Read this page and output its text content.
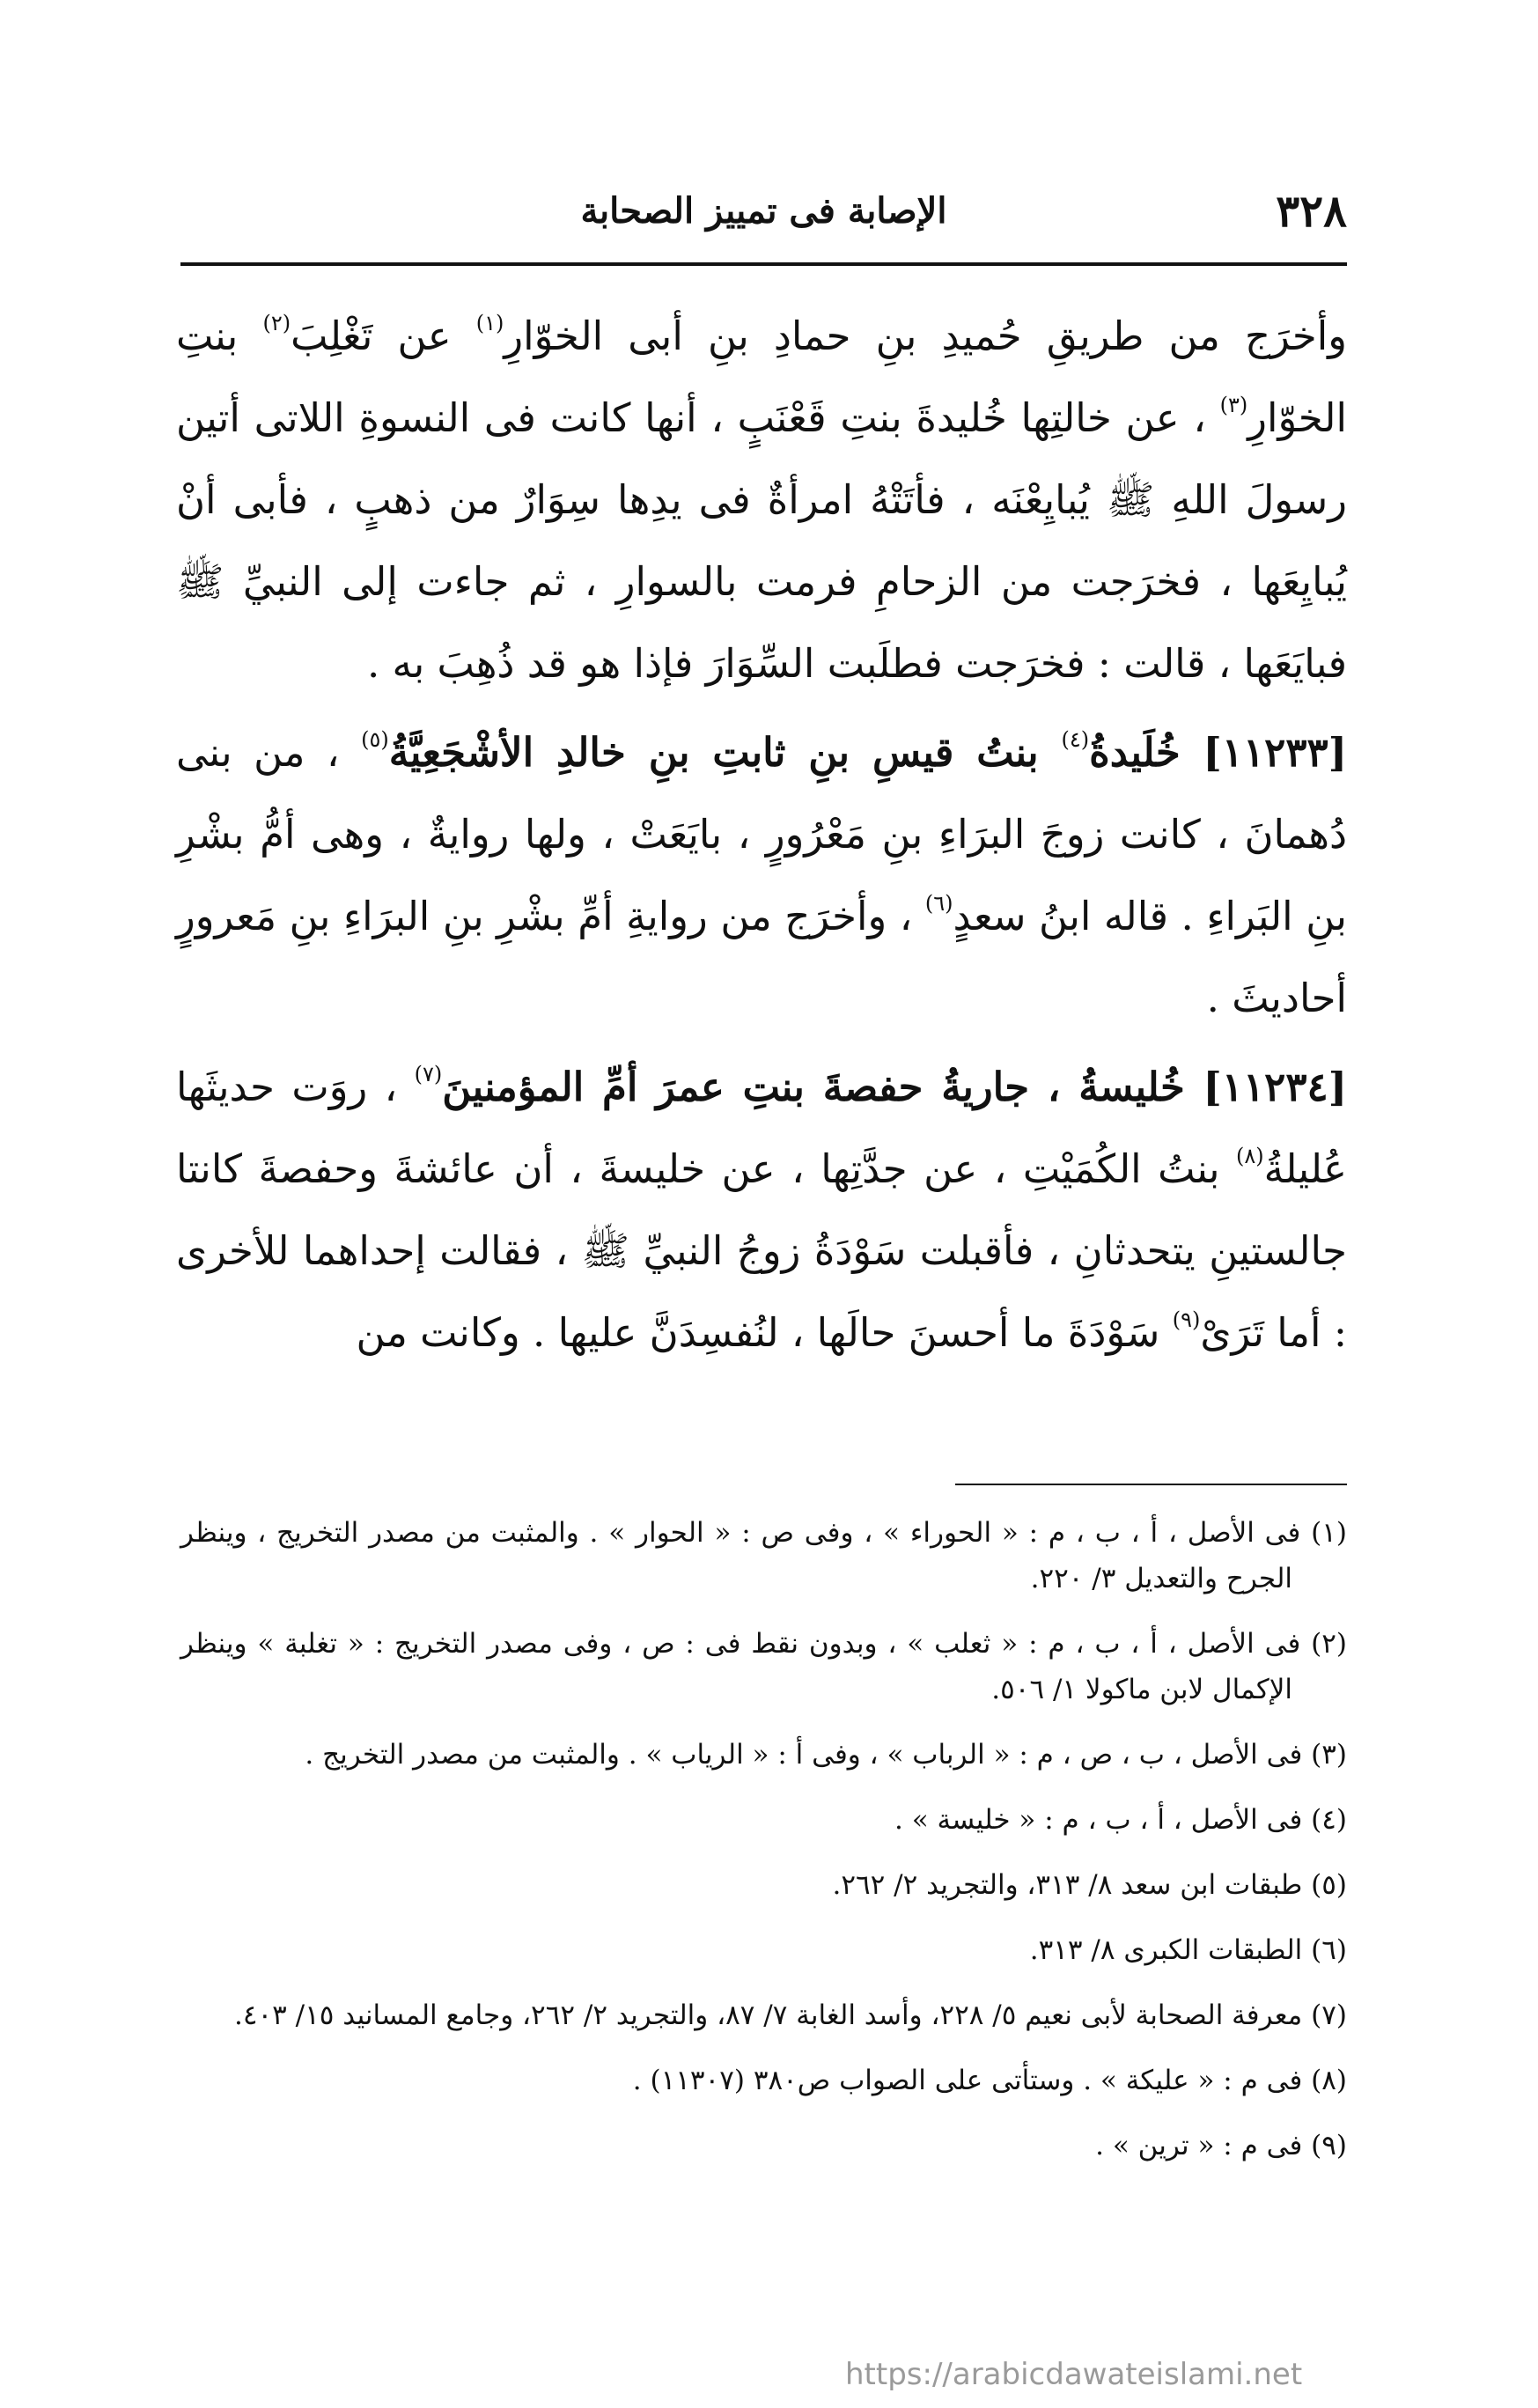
٣٢٨
الإصابة فى تمييز الصحابة

وأخرَج من طريقِ حُميدِ بنِ حمادِ بنِ أبى الخوّارِ$^{(١)}$ عن تَغْلِبَ$^{(٢)}$ بنتِ الخوّارِ$^{(٣)}$ ، عن خالتِها خُليدةَ بنتِ قَعْنَبٍ ، أنها كانت فى النسوةِ اللاتى أتين رسولَ اللهِ ﷺ يُبايِعْنَه ، فأتَتْهُ امرأةٌ فى يدِها سِوَارٌ من ذهبٍ ، فأبى أنْ يُبايِعَها ، فخرَجت من الزحامِ فرمت بالسوارِ ، ثم جاءت إلى النبيِّ ﷺ فبايَعَها ، قالت : فخرَجت فطلَبت السِّوَارَ فإذا هو قد ذُهِبَ به .

[١١٢٣٣] خُلَيدةُ$^{(٤)}$ بنتُ قيسِ بنِ ثابتِ بنِ خالدِ الأشْجَعِيَّةُ$^{(٥)}$ ، من بنى دُهمانَ ، كانت زوجَ البرَاءِ بنِ مَعْرُورٍ ، بايَعَتْ ، ولها روايةٌ ، وهى أمُّ بشْرِ بنِ البَراءِ . قاله ابنُ سعدٍ$^{(٦)}$ ، وأخرَج من روايةِ أمِّ بشْرِ بنِ البرَاءِ بنِ مَعرورٍ أحاديثَ .

[١١٢٣٤] خُليسةُ ، جاريةُ حفصةَ بنتِ عمرَ أمِّ المؤمنينَ$^{(٧)}$ ، روَت حديثَها عُليلةُ$^{(٨)}$ بنتُ الكُمَيْتِ ، عن جدَّتِها ، عن خليسةَ ، أن عائشةَ وحفصةَ كانتا جالستينِ يتحدثانِ ، فأقبلت سَوْدَةُ زوجُ النبيِّ ﷺ ، فقالت إحداهما للأخرى : أما تَرَىْ$^{(٩)}$ سَوْدَةَ ما أحسنَ حالَها ، لنُفسِدَنَّ عليها . وكانت من

(١) فى الأصل ، أ ، ب ، م : « الحوراء » ، وفى ص : « الحوار » . والمثبت من مصدر التخريج ، وينظر الجرح والتعديل ٣/ ٢٢٠.

(٢) فى الأصل ، أ ، ب ، م : « ثعلب » ، وبدون نقط فى : ص ، وفى مصدر التخريج : « تغلبة » وينظر الإكمال لابن ماكولا ١/ ٥٠٦.

(٣) فى الأصل ، ب ، ص ، م : « الرباب » ، وفى أ : « الرياب » . والمثبت من مصدر التخريج .

(٤) فى الأصل ، أ ، ب ، م : « خليسة » .

(٥) طبقات ابن سعد ٨/ ٣١٣، والتجريد ٢/ ٢٦٢.

(٦) الطبقات الكبرى ٨/ ٣١٣.

(٧) معرفة الصحابة لأبى نعيم ٥/ ٢٢٨، وأسد الغابة ٧/ ٨٧، والتجريد ٢/ ٢٦٢، وجامع المسانيد ١٥/ ٤٠٣.

(٨) فى م : « عليكة » . وستأتى على الصواب ص٣٨٠ (١١٣٠٧) .

(٩) فى م : « ترين » .

https://arabicdawateislami.net
